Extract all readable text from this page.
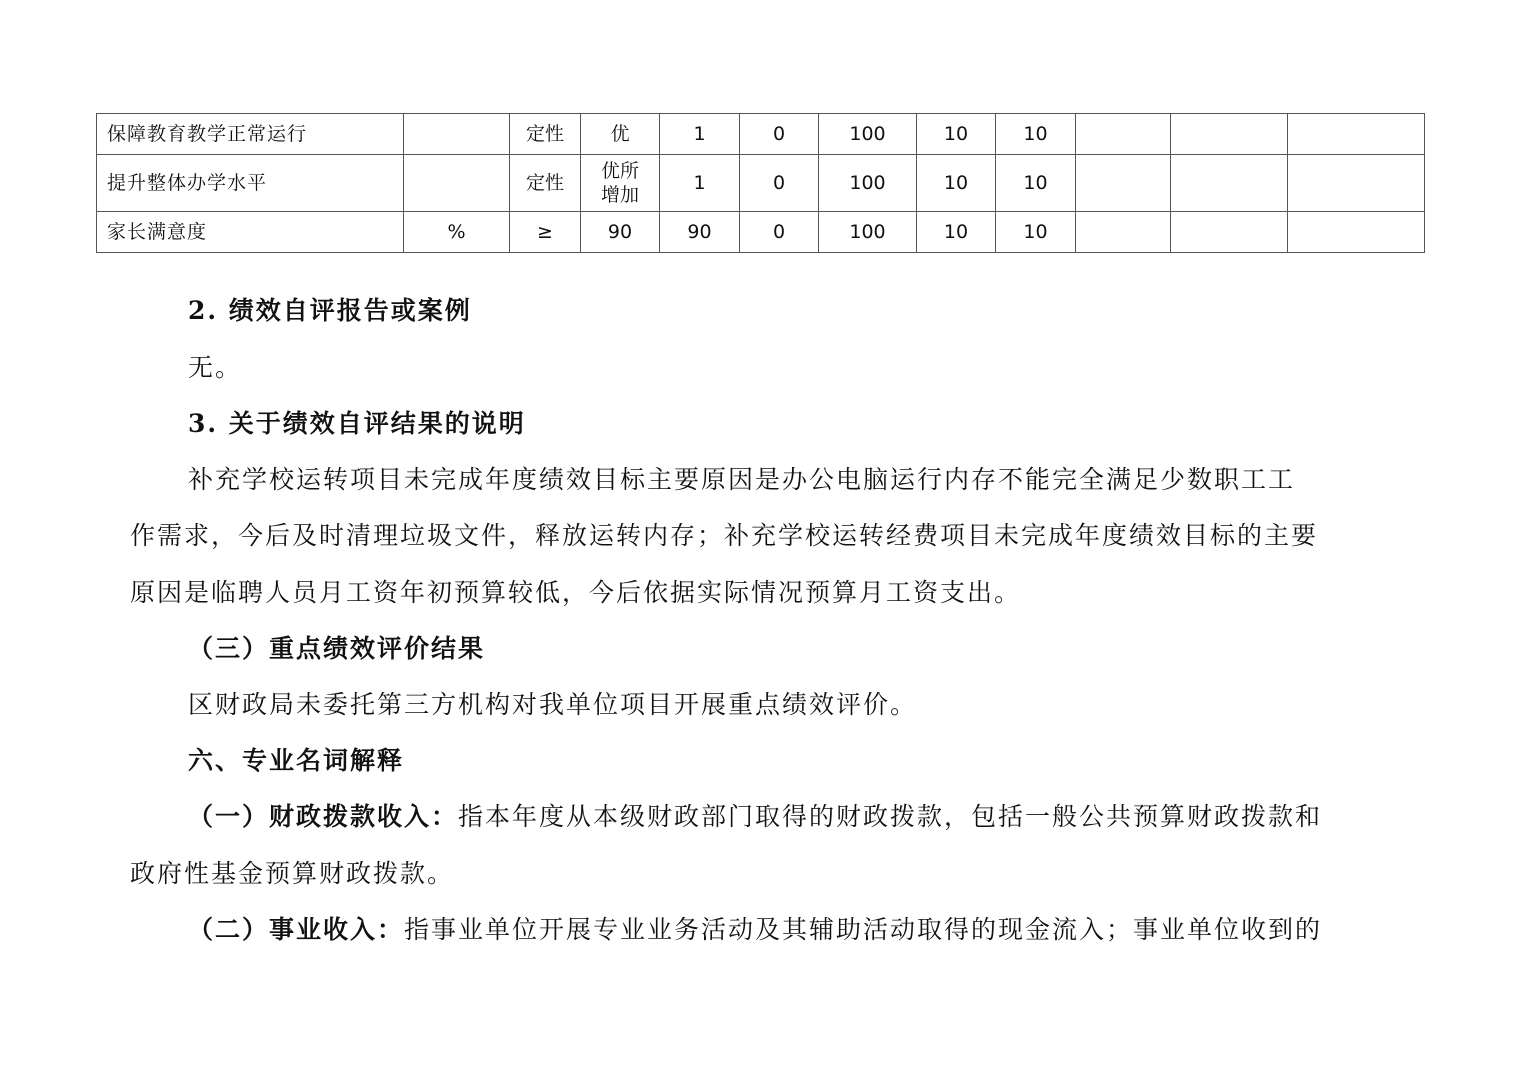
保障教育教学正常运行		定性	优	1	0	100	10	10			
提升整体办学水平		定性	优所增加	1	0	100	10	10			
家长满意度	%	≥	90	90	0	100	10	10			
2. 绩效自评报告或案例
无。
3. 关于绩效自评结果的说明
补充学校运转项目未完成年度绩效目标主要原因是办公电脑运行内存不能完全满足少数职工工
作需求，今后及时清理垃圾文件，释放运转内存；补充学校运转经费项目未完成年度绩效目标的主要
原因是临聘人员月工资年初预算较低，今后依据实际情况预算月工资支出。
（三）重点绩效评价结果
区财政局未委托第三方机构对我单位项目开展重点绩效评价。
六、专业名词解释
（一）财政拨款收入：指本年度从本级财政部门取得的财政拨款，包括一般公共预算财政拨款和
政府性基金预算财政拨款。
（二）事业收入：指事业单位开展专业业务活动及其辅助活动取得的现金流入；事业单位收到的
